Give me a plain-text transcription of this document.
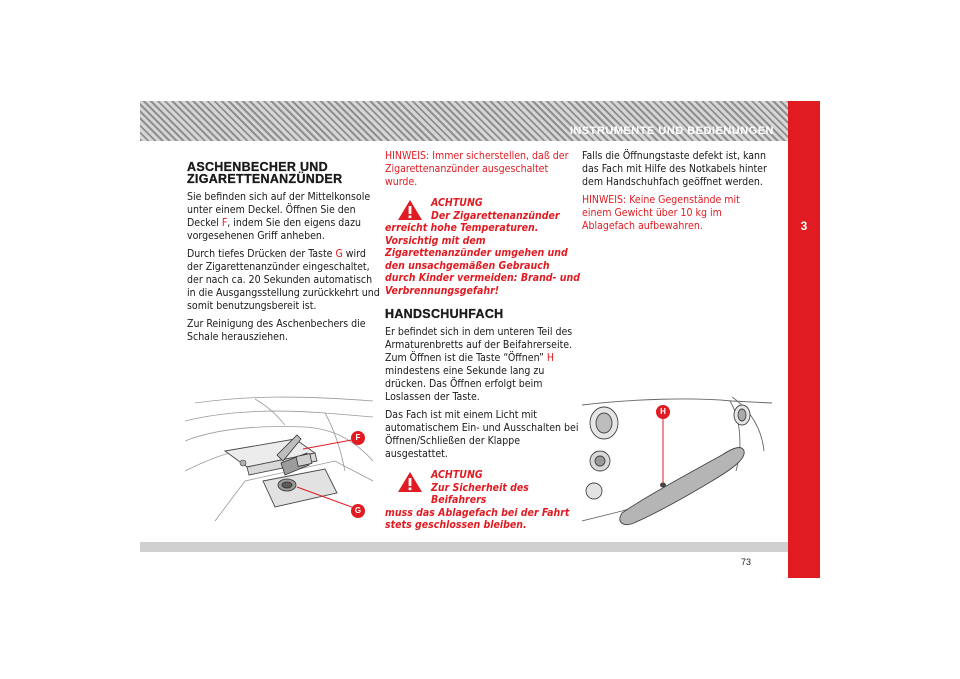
INSTRUMENTE UND BEDIENUNGEN
3
ASCHENBECHER UND
ZIGARETTENANZÜNDER

Sie befinden sich auf der Mittelkonsole unter einem Deckel. Öffnen Sie den Deckel F, indem Sie den eigens dazu vorgesehenen Griff anheben.

Durch tiefes Drücken der Taste G wird der Zigarettenanzünder eingeschaltet, der nach ca. 20 Sekunden automatisch in die Ausgangsstellung zurückkehrt und somit benutzungsbereit ist.

Zur Reinigung des Aschenbechers die Schale herausziehen.

HINWEIS: Immer sicherstellen, daß der Zigarettenanzünder ausgeschaltet wurde.

ACHTUNG
Der Zigarettenanzünder
erreicht hohe Temperaturen. Vorsichtig mit dem Zigarettenanzünder umgehen und den unsachgemäßen Gebrauch durch Kinder vermeiden: Brand- und Verbrennungsgefahr!
HANDSCHUHFACH

Er befindet sich in dem unteren Teil des Armaturenbretts auf der Beifahrerseite. Zum Öffnen ist die Taste “Öffnen” H mindestens eine Sekunde lang zu drücken. Das Öffnen erfolgt beim Loslassen der Taste.

Das Fach ist mit einem Licht mit automatischem Ein- und Ausschalten bei Öffnen/Schließen der Klappe ausgestattet.

ACHTUNG
Zur Sicherheit des Beifahrers
muss das Ablagefach bei der Fahrt stets geschlossen bleiben.

Falls die Öffnungstaste defekt ist, kann das Fach mit Hilfe des Notkabels hinter dem Handschuhfach geöffnet werden.

HINWEIS: Keine Gegenstände mit einem Gewicht über 10 kg im Ablagefach aufbewahren.

F
G
H
73
